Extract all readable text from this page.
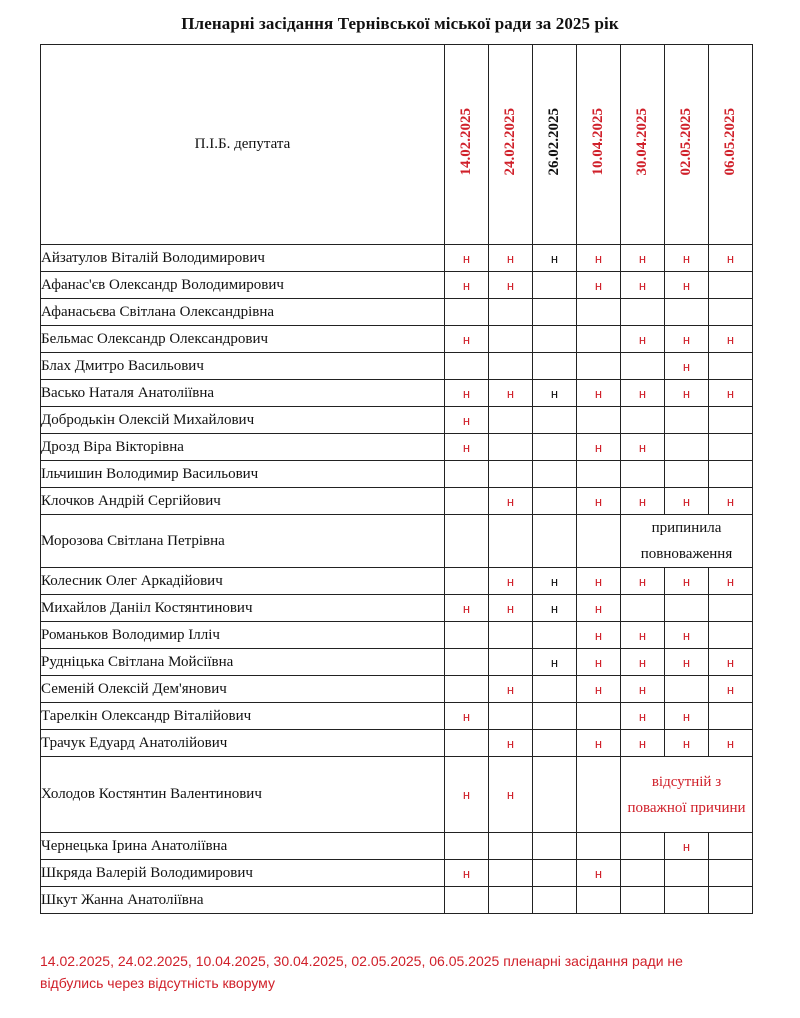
Пленарні засідання Тернівської міської ради за 2025 рік
П.І.Б. депутата	14.02.2025	24.02.2025	26.02.2025	10.04.2025	30.04.2025	02.05.2025	06.05.2025
Айзатулов Віталій Володимирович	н	н	н	н	н	н	н
Афанас'єв Олександр Володимирович	н	н		н	н	н	
Афанасьєва Світлана Олександрівна							
Бельмас Олександр Олександрович	н				н	н	н
Блах Дмитро Васильович						н	
Васько Наталя Анатоліївна	н	н	н	н	н	н	н
Добродькін Олексій Михайлович	н						
Дрозд Віра Вікторівна	н			н	н		
Ільчишин Володимир Васильович							
Клочков Андрій Сергійович		н		н	н	н	н
Морозова Світлана Петрівна					припинила повноваження		
Колесник Олег Аркадійович		н	н	н	н	н	н
Михайлов Данііл Костянтинович	н	н	н	н			
Романьков Володимир Ілліч				н	н	н	
Рудніцька Світлана Мойсіївна			н	н	н	н	н
Семеній Олексій Дем'янович		н		н	н		н
Тарелкін Олександр Віталійович	н				н	н	
Трачук Едуард Анатолійович		н		н	н	н	н
Холодов Костянтин Валентинович	н	н			відсутній з поважної причини		
Чернецька Ірина Анатоліївна						н	
Шкряда Валерій Володимирович	н			н			
Шкут Жанна Анатоліївна							
14.02.2025, 24.02.2025, 10.04.2025, 30.04.2025, 02.05.2025, 06.05.2025 пленарні засідання ради не відбулись через відсутність кворуму
